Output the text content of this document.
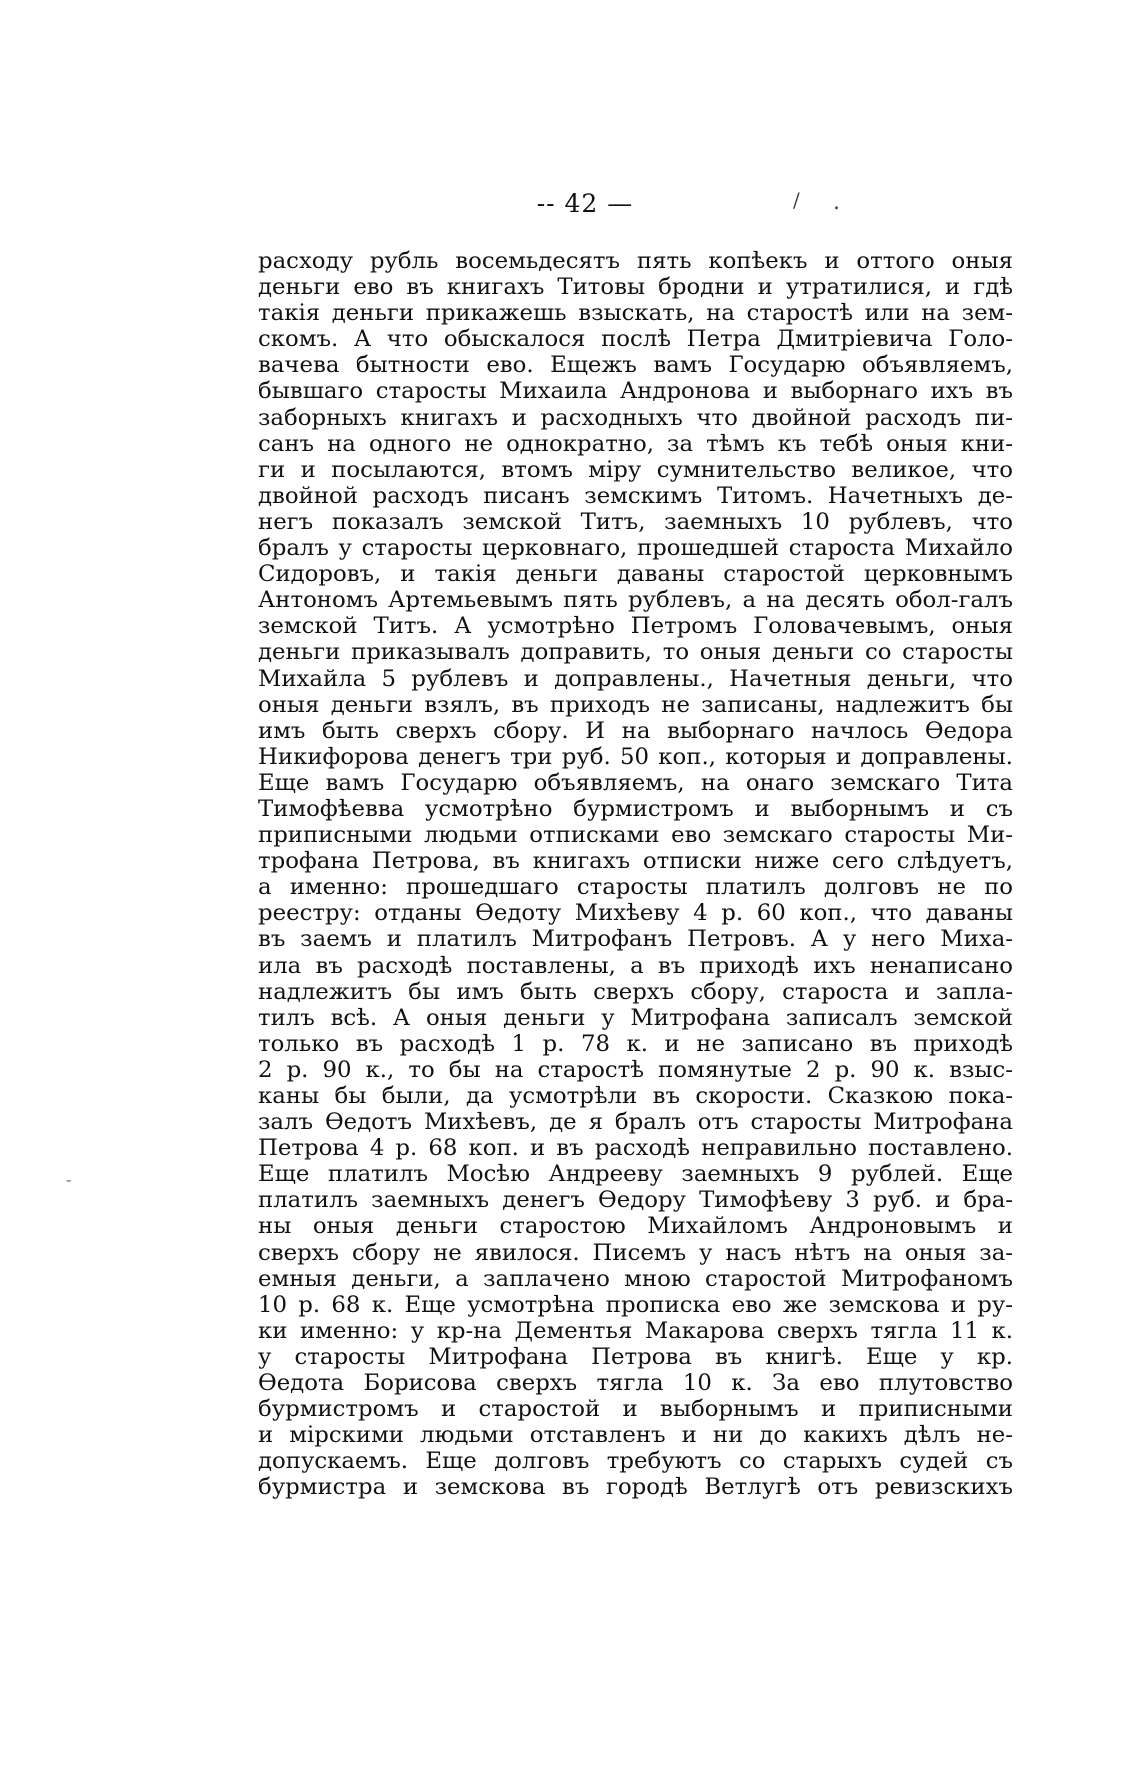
-- 42 —	/ .
-
расходу рубль восемьдесятъ пять копѣекъ и оттого оныя
деньги ево въ книгахъ Титовы бродни и утратилися, и гдѣ
такія деньги прикажешь взыскать, на старостѣ или на зем-
скомъ. А что обыскалося послѣ Петра Дмитріевича Голо-
вачева бытности ево. Ещежъ вамъ Государю объявляемъ,
бывшаго старосты Михаила Андронова и выборнаго ихъ въ
заборныхъ книгахъ и расходныхъ что двойной расходъ пи-
санъ на одного не однократно, за тѣмъ къ тебѣ оныя кни-
ги и посылаются, втомъ міру сумнительство великое, что
двойной расходъ писанъ земскимъ Титомъ. Начетныхъ де-
негъ показалъ земской Титъ, заемныхъ 10 рублевъ, что
бралъ у старосты церковнаго, прошедшей староста Михайло
Сидоровъ, и такія деньги даваны старостой церковнымъ
Антономъ Артемьевымъ пять рублевъ, а на десять обол-галъ
земской Титъ. А усмотрѣно Петромъ Головачевымъ, оныя
деньги приказывалъ доправить, то оныя деньги со старосты
Михайла 5 рублевъ и доправлены., Начетныя деньги, что
оныя деньги взялъ, въ приходъ не записаны, надлежитъ бы
имъ быть сверхъ сбору. И на выборнаго начлось Өедора
Никифорова денегъ три руб. 50 коп., которыя и доправлены.
Еще вамъ Государю объявляемъ, на онаго земскаго Тита
Тимофѣевва усмотрѣно бурмистромъ и выборнымъ и съ
приписными людьми отписками ево земскаго старосты Ми-
трофана Петрова, въ книгахъ отписки ниже сего слѣдуетъ,
а именно: прошедшаго старосты платилъ долговъ не по
реестру: отданы Өедоту Михѣеву 4 р. 60 коп., что даваны
въ заемъ и платилъ Митрофанъ Петровъ. А у него Миха-
ила въ расходѣ поставлены, а въ приходѣ ихъ ненаписано
надлежитъ бы имъ быть сверхъ сбору, староста и запла-
тилъ всѣ. А оныя деньги у Митрофана записалъ земской
только въ расходѣ 1 р. 78 к. и не записано въ приходѣ
2 р. 90 к., то бы на старостѣ помянутые 2 р. 90 к. взыс-
каны бы были, да усмотрѣли въ скорости. Сказкою пока-
залъ Өедотъ Михѣевъ, де я бралъ отъ старосты Митрофана
Петрова 4 р. 68 коп. и въ расходѣ неправильно поставлено.
Еще платилъ Мосѣю Андрееву заемныхъ 9 рублей. Еще
платилъ заемныхъ денегъ Өедору Тимофѣеву 3 руб. и бра-
ны оныя деньги старостою Михайломъ Андроновымъ и
сверхъ сбору не явилося. Писемъ у насъ нѣтъ на оныя за-
емныя деньги, а заплачено мною старостой Митрофаномъ
10 р. 68 к. Еще усмотрѣна прописка ево же земскова и ру-
ки именно: у кр-на Дементья Макарова сверхъ тягла 11 к.
у старосты Митрофана Петрова въ книгѣ. Еще у кр.
Өедота Борисова сверхъ тягла 10 к. За ево плутовство
бурмистромъ и старостой и выборнымъ и приписными
и мірскими людьми отставленъ и ни до какихъ дѣлъ не-
допускаемъ. Еще долговъ требуютъ со старыхъ судей съ
бурмистра и земскова въ городѣ Ветлугѣ отъ ревизскихъ
